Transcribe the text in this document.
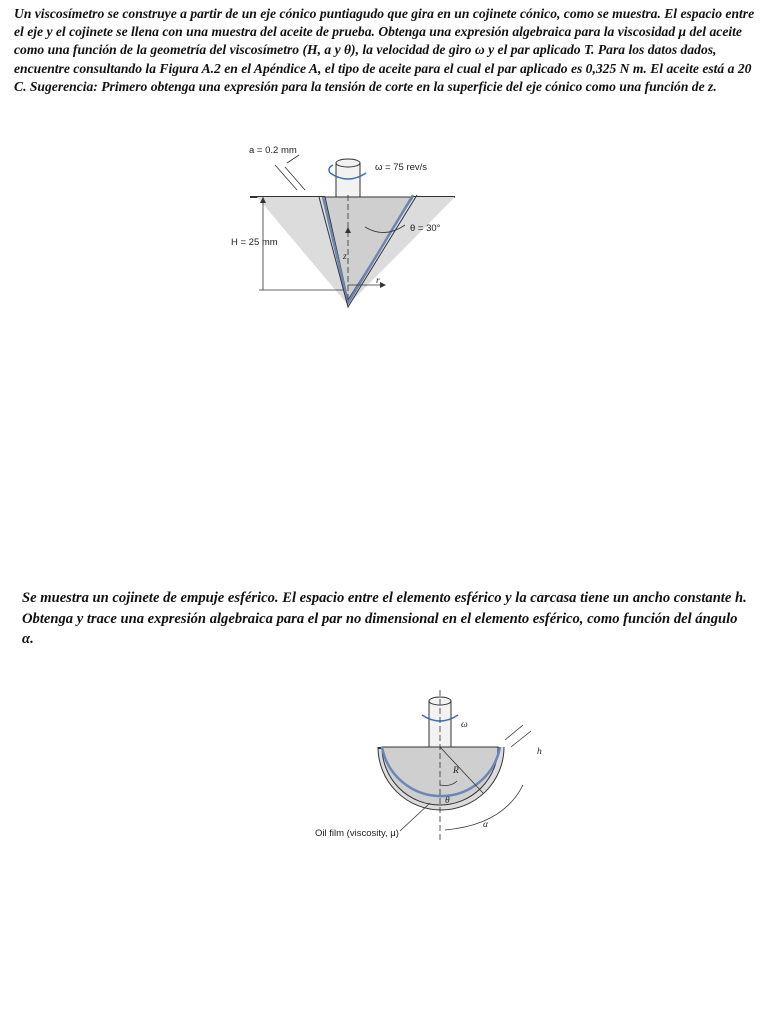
Un viscosímetro se construye a partir de un eje cónico puntiagudo que gira en un cojinete cónico, como se muestra. El espacio entre el eje y el cojinete se llena con una muestra del aceite de prueba. Obtenga una expresión algebraica para la viscosidad μ del aceite como una función de la geometría del viscosímetro (H, a y θ), la velocidad de giro ω y el par aplicado T. Para los datos dados, encuentre consultando la Figura A.2 en el Apéndice A, el tipo de aceite para el cual el par aplicado es 0,325 N m. El aceite está a 20 C. Sugerencia: Primero obtenga una expresión para la tensión de corte en la superficie del eje cónico como una función de z.

a = 0.2 mm
ω = 75 rev/s
θ = 30°
H = 25 mm
z
r

Se muestra un cojinete de empuje esférico. El espacio entre el elemento esférico y la carcasa tiene un ancho constante h. Obtenga y trace una expresión algebraica para el par no dimensional en el elemento esférico, como función del ángulo α.

ω
h
R
θ
α
Oil film (viscosity, μ)
